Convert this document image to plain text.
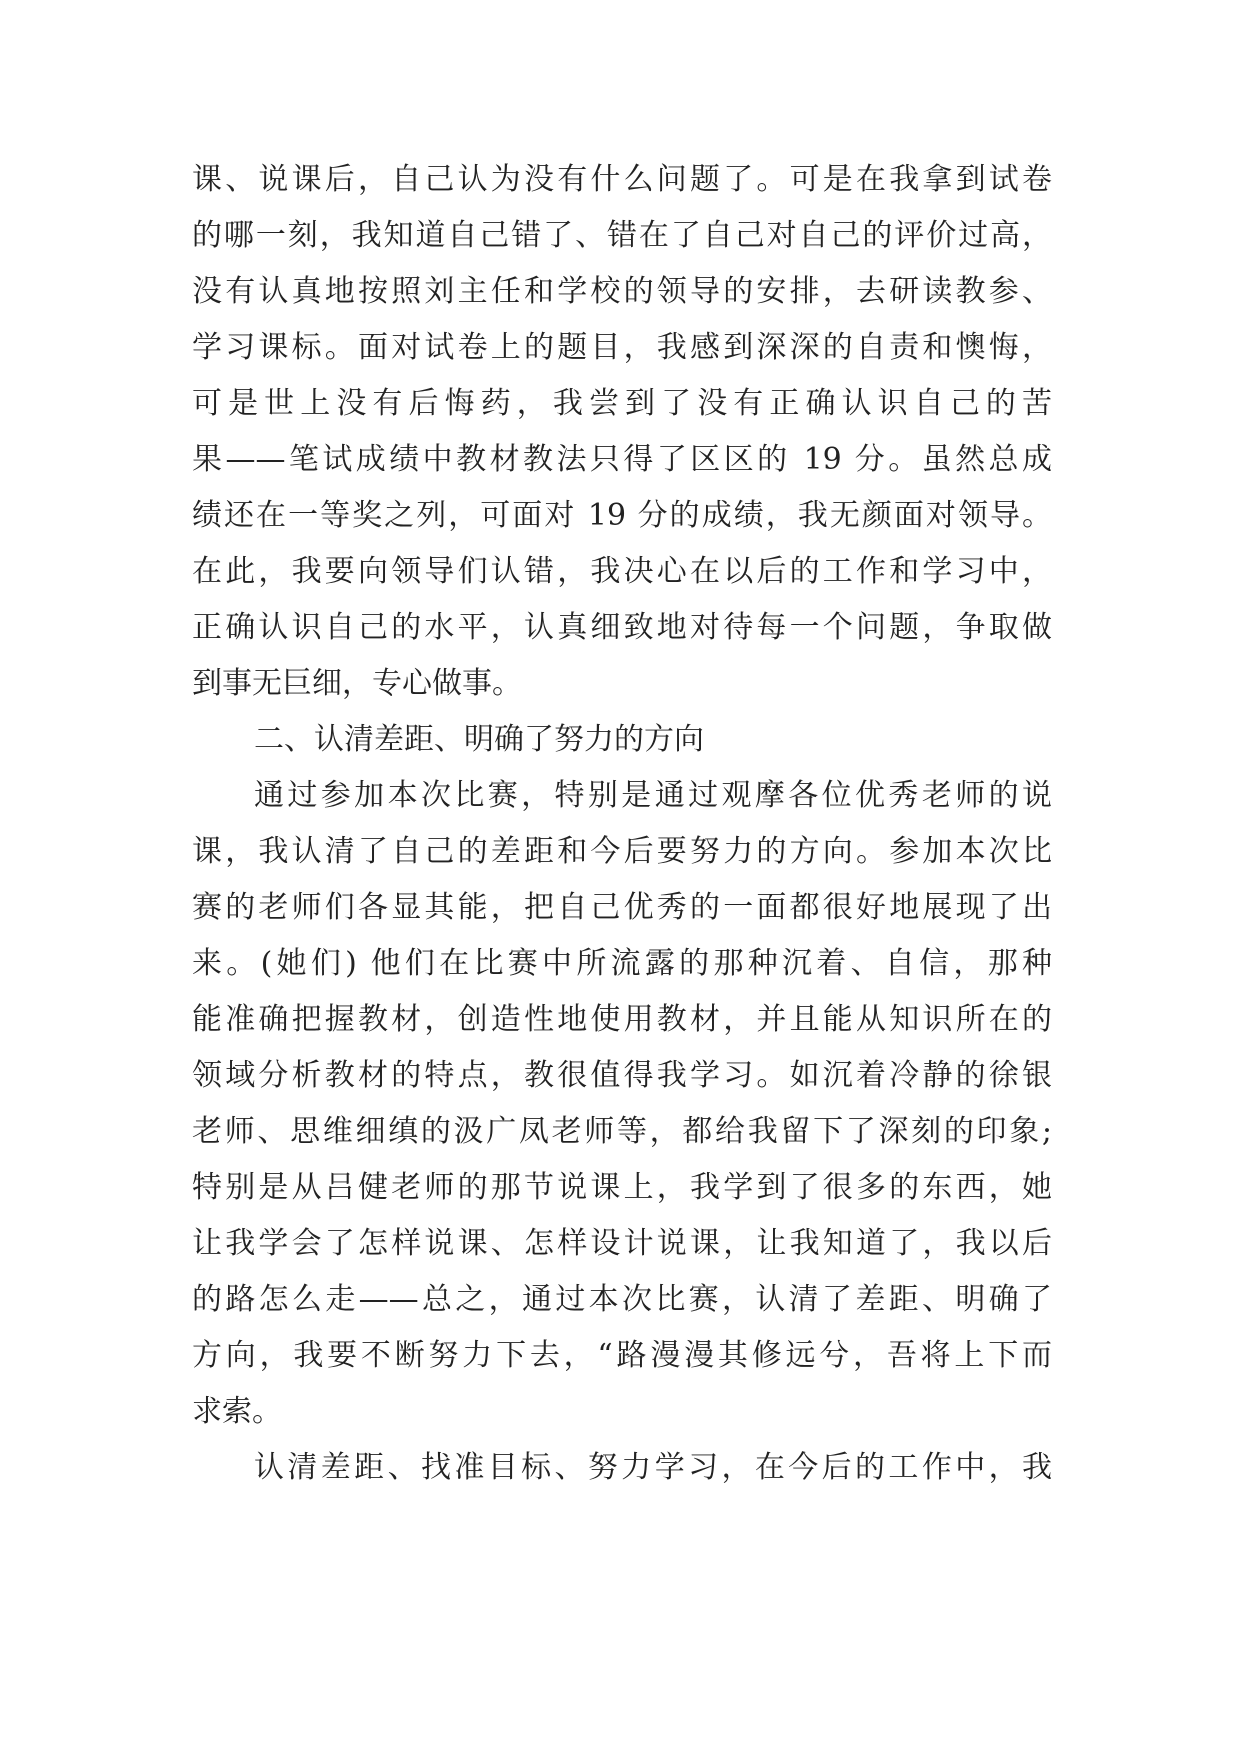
课、说课后，自己认为没有什么问题了。可是在我拿到试卷
的哪一刻，我知道自己错了、错在了自己对自己的评价过高，
没有认真地按照刘主任和学校的领导的安排，去研读教参、
学习课标。面对试卷上的题目，我感到深深的自责和懊悔，
可是世上没有后悔药，我尝到了没有正确认识自己的苦
果——笔试成绩中教材教法只得了区区的 19 分。虽然总成
绩还在一等奖之列，可面对 19 分的成绩，我无颜面对领导。
在此，我要向领导们认错，我决心在以后的工作和学习中，
正确认识自己的水平，认真细致地对待每一个问题，争取做
到事无巨细，专心做事。
二、认清差距、明确了努力的方向
通过参加本次比赛，特别是通过观摩各位优秀老师的说
课，我认清了自己的差距和今后要努力的方向。参加本次比
赛的老师们各显其能，把自己优秀的一面都很好地展现了出
来。(她们) 他们在比赛中所流露的那种沉着、自信，那种
能准确把握教材，创造性地使用教材，并且能从知识所在的
领域分析教材的特点，教很值得我学习。如沉着冷静的徐银
老师、思维细缜的汲广凤老师等，都给我留下了深刻的印象;
特别是从吕健老师的那节说课上，我学到了很多的东西，她
让我学会了怎样说课、怎样设计说课，让我知道了，我以后
的路怎么走——总之，通过本次比赛，认清了差距、明确了
方向，我要不断努力下去，“路漫漫其修远兮，吾将上下而
求索。
认清差距、找准目标、努力学习，在今后的工作中，我
